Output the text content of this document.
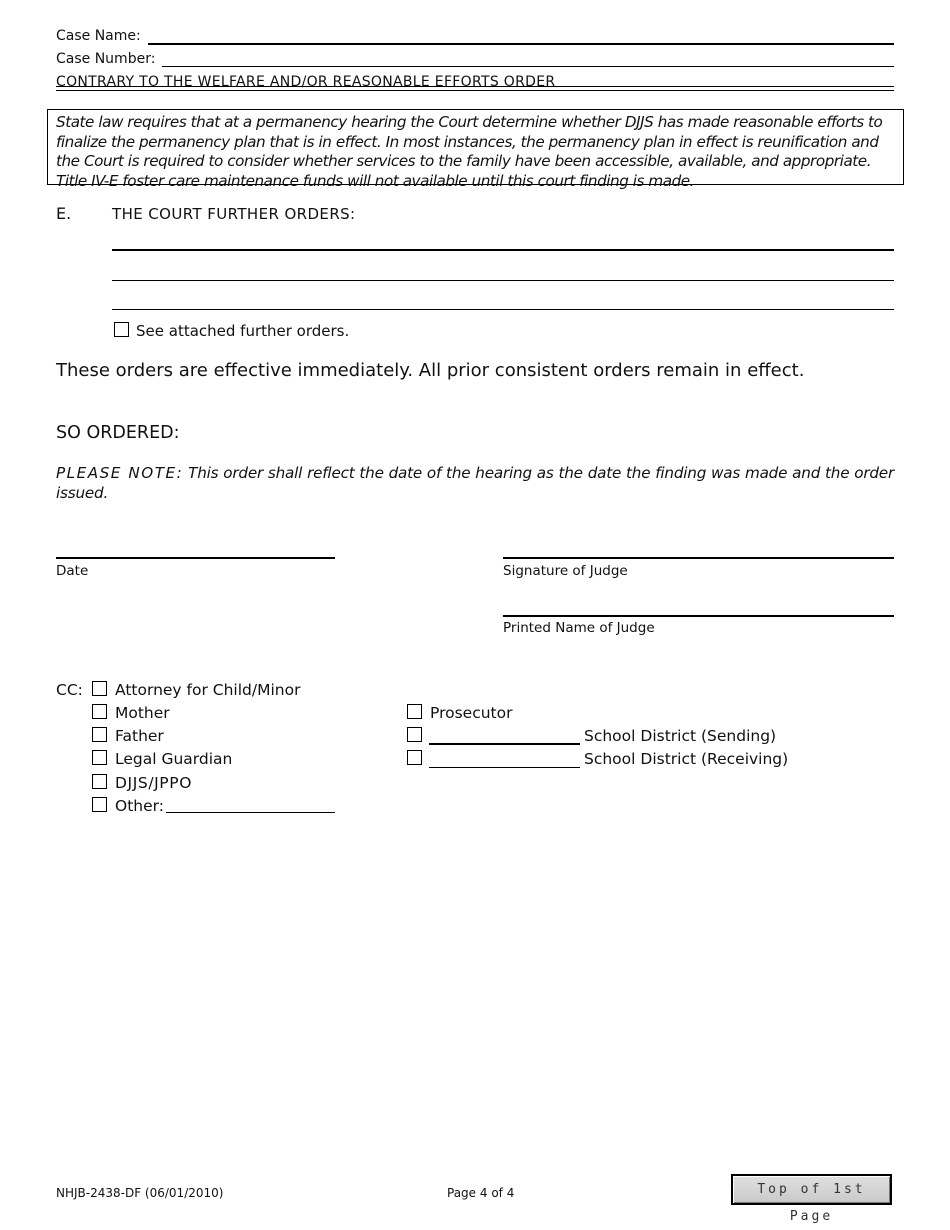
Case Name:
Case Number:
CONTRARY TO THE WELFARE AND/OR REASONABLE EFFORTS ORDER
State law requires that at a permanency hearing the Court determine whether DJJS has made reasonable efforts to finalize the permanency plan that is in effect. In most instances, the permanency plan in effect is reunification and the Court is required to consider whether services to the family have been accessible, available, and appropriate. Title IV-E foster care maintenance funds will not available until this court finding is made.
E.	THE COURT FURTHER ORDERS:
See attached further orders.
These orders are effective immediately. All prior consistent orders remain in effect.
SO ORDERED:
PLEASE NOTE: This order shall reflect the date of the hearing as the date the finding was made and the order issued.
Date	Signature of Judge
Printed Name of Judge
CC: Attorney for Child/Minor
Mother
Father
Legal Guardian
DJJS/JPPO
Other:
Prosecutor
School District (Sending)
School District (Receiving)
NHJB-2438-DF (06/01/2010)	Page 4 of 4	Top of 1st Page
